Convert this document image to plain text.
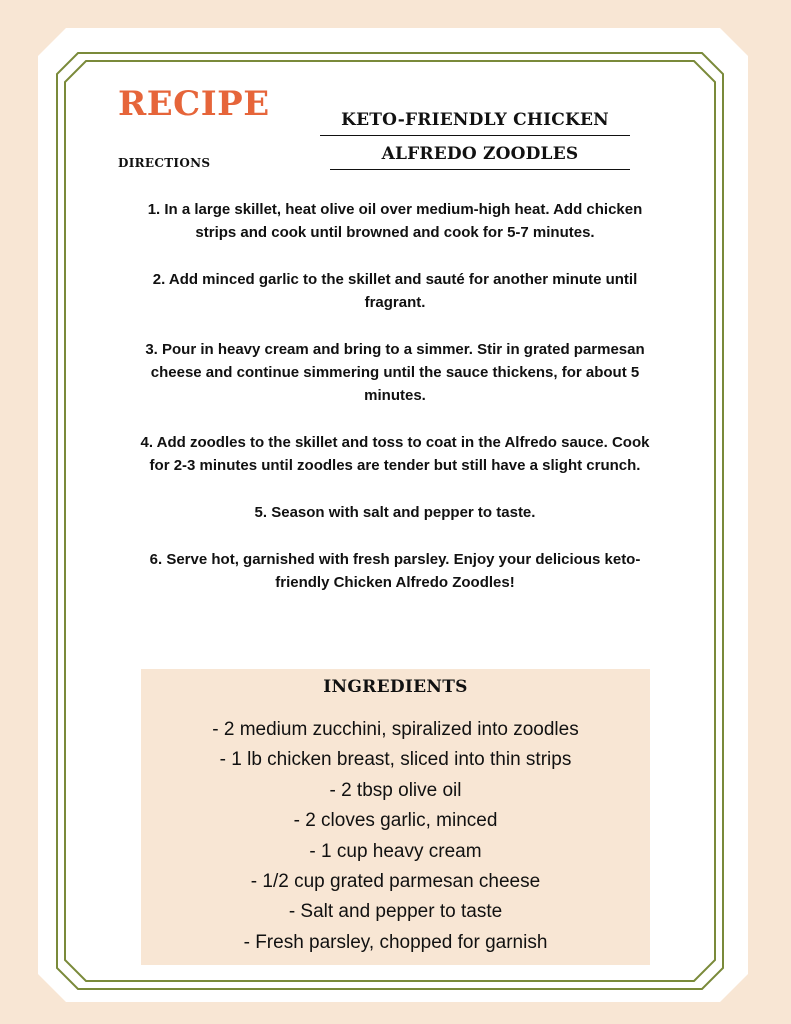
RECIPE
DIRECTIONS
KETO-FRIENDLY CHICKEN
ALFREDO ZOODLES

1. In a large skillet, heat olive oil over medium-high heat. Add chicken strips and cook until browned and cook for 5-7 minutes.

2. Add minced garlic to the skillet and sauté for another minute until fragrant.

3. Pour in heavy cream and bring to a simmer. Stir in grated parmesan cheese and continue simmering until the sauce thickens, for about 5 minutes.

4. Add zoodles to the skillet and toss to coat in the Alfredo sauce. Cook for 2-3 minutes until zoodles are tender but still have a slight crunch.

5. Season with salt and pepper to taste.

6. Serve hot, garnished with fresh parsley. Enjoy your delicious keto-friendly Chicken Alfredo Zoodles!

INGREDIENTS
- 2 medium zucchini, spiralized into zoodles
- 1 lb chicken breast, sliced into thin strips
- 2 tbsp olive oil
- 2 cloves garlic, minced
- 1 cup heavy cream
- 1/2 cup grated parmesan cheese
- Salt and pepper to taste
- Fresh parsley, chopped for garnish
